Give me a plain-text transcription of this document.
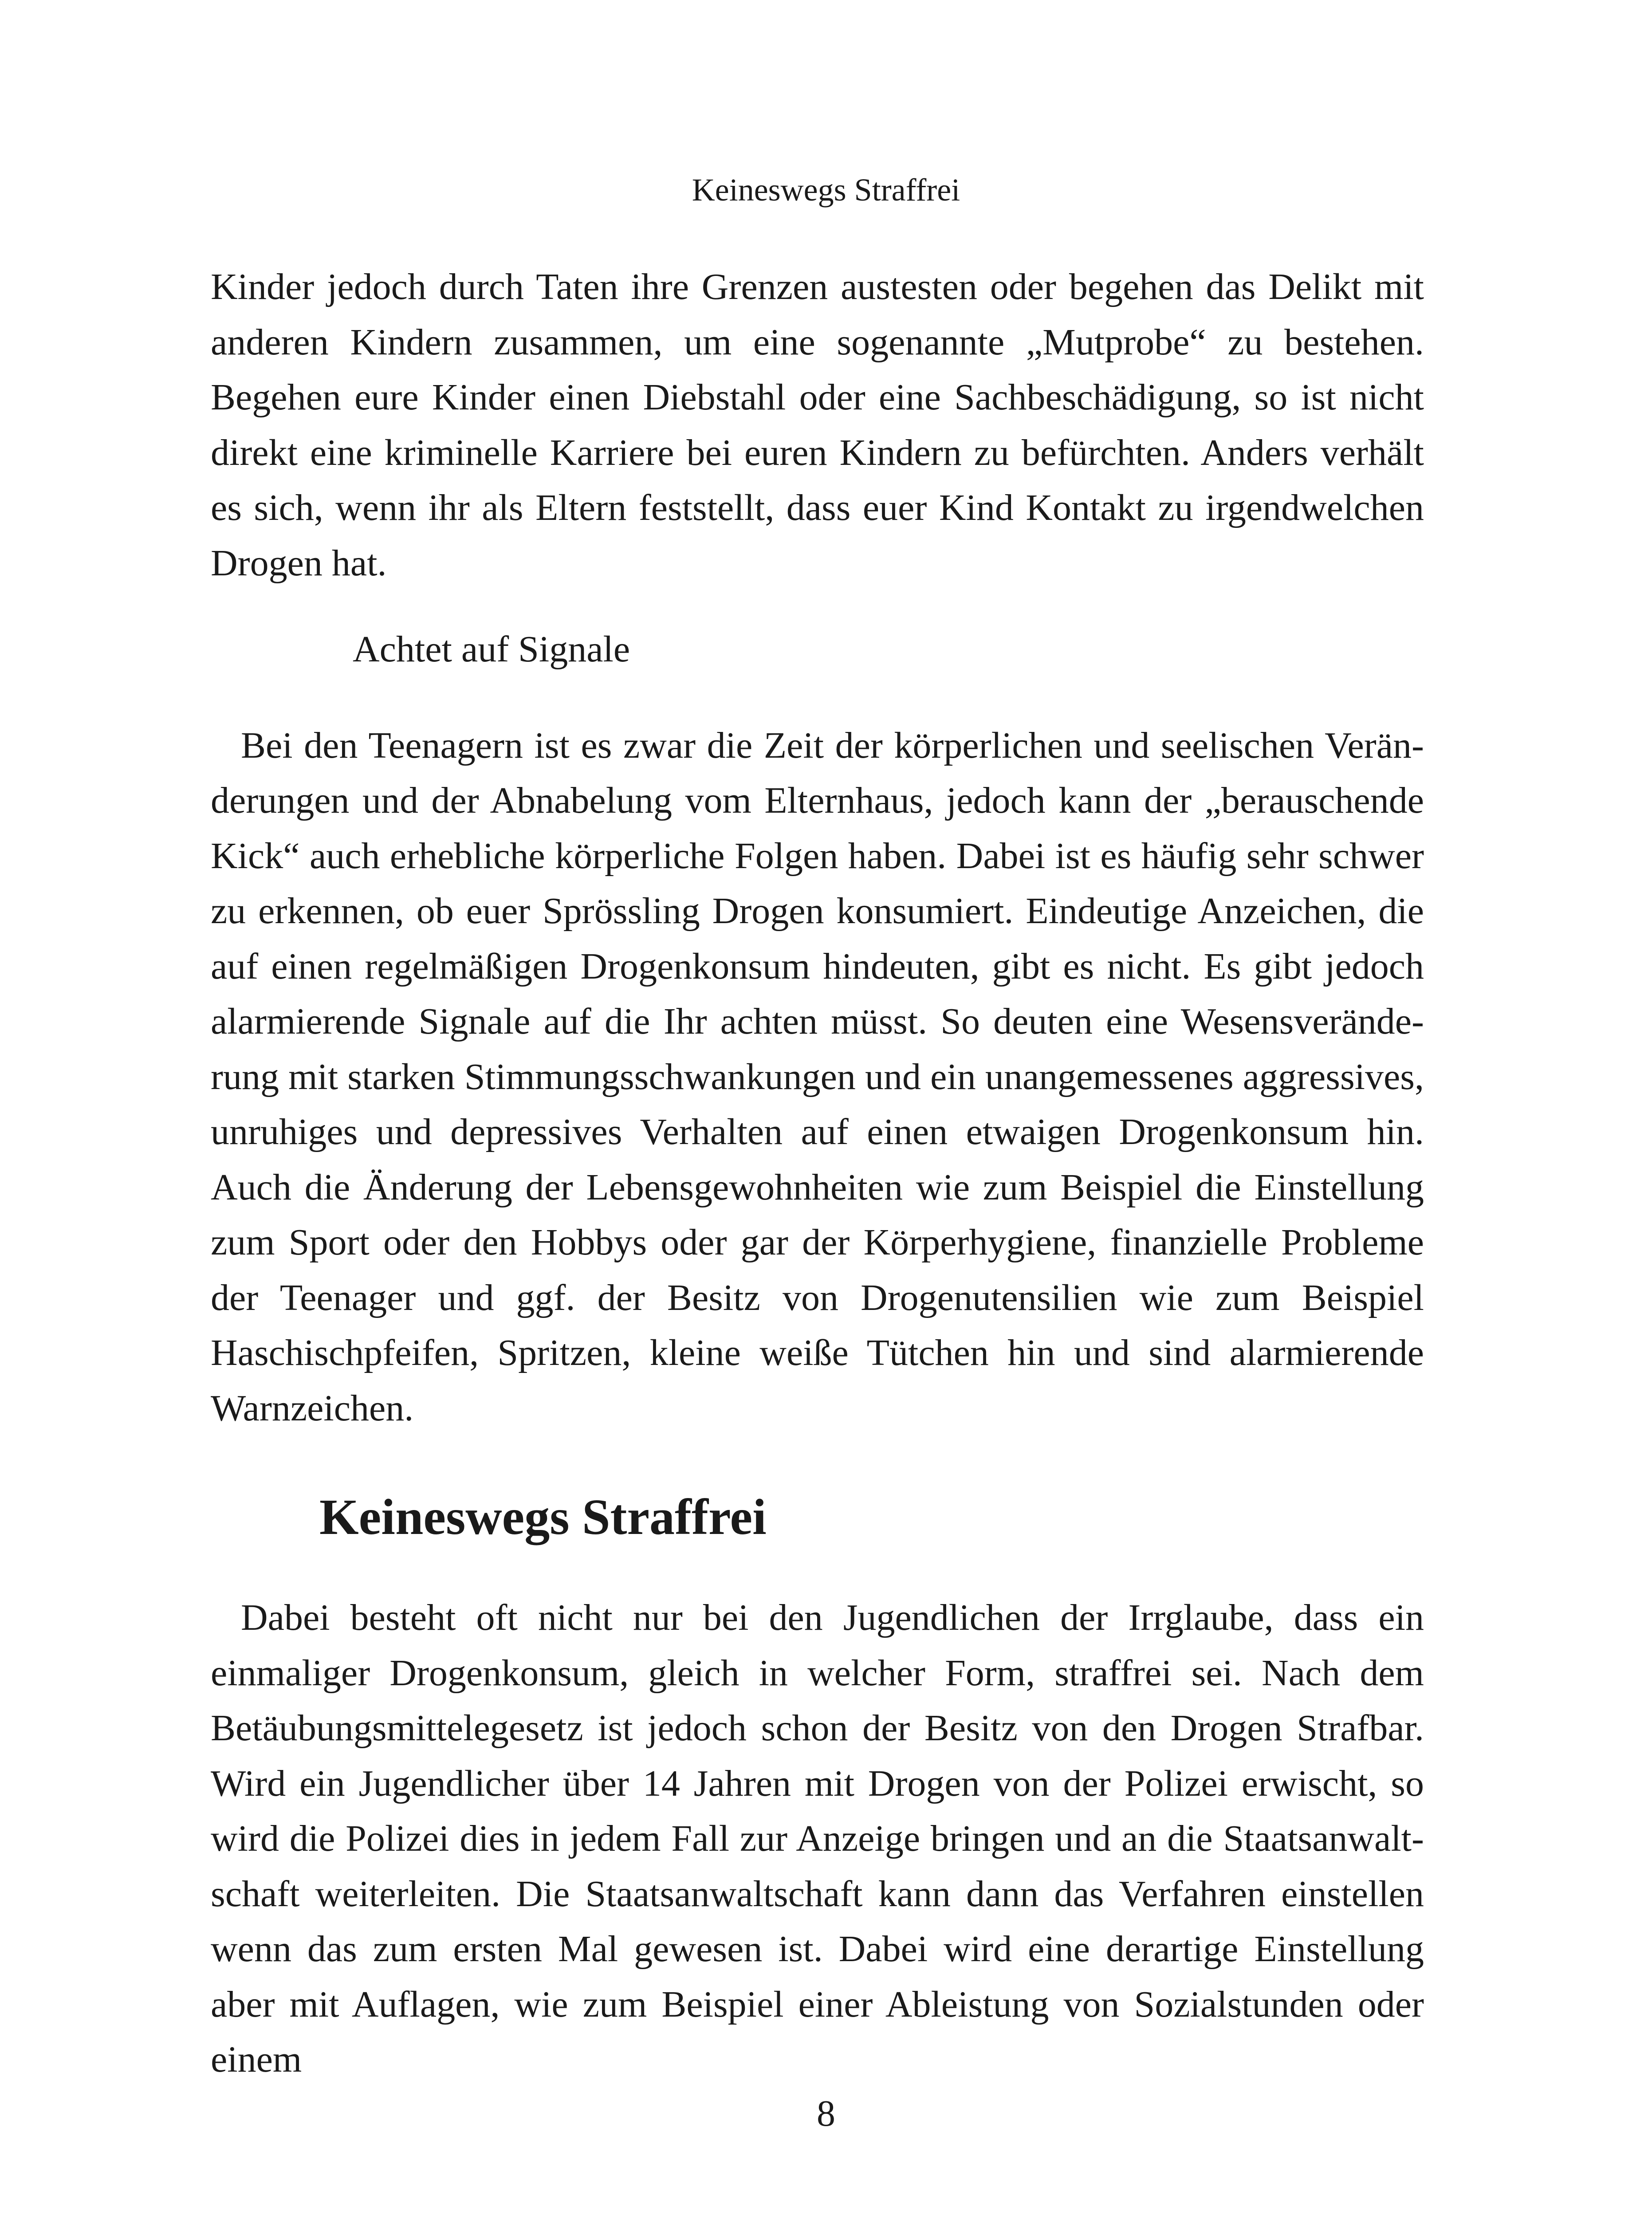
Keineswegs Straffrei

Kinder jedoch durch Taten ihre Grenzen austesten oder begehen das Delikt mit anderen Kindern zusammen, um eine sogenannte „Mutprobe“ zu bestehen. Begehen eure Kinder einen Diebstahl oder eine Sachbeschädigung, so ist nicht direkt eine kriminelle Karriere bei euren Kindern zu befürchten. Anders verhält es sich, wenn ihr als Eltern feststellt, dass euer Kind Kontakt zu irgendwelchen Drogen hat.

Achtet auf Signale

Bei den Teenagern ist es zwar die Zeit der körperlichen und seelischen Veränderungen und der Abnabelung vom Elternhaus, jedoch kann der „berauschende Kick“ auch erhebliche körperliche Folgen haben. Dabei ist es häufig sehr schwer zu erkennen, ob euer Sprössling Drogen konsumiert. Eindeutige Anzeichen, die auf einen regelmäßigen Drogenkonsum hindeuten, gibt es nicht. Es gibt jedoch alarmierende Signale auf die Ihr achten müsst. So deuten eine Wesensveränderung mit starken Stimmungsschwankungen und ein unangemessenes aggressives, unruhiges und depressives Verhalten auf einen etwaigen Drogenkonsum hin. Auch die Änderung der Lebensgewohnheiten wie zum Beispiel die Einstellung zum Sport oder den Hobbys oder gar der Körperhygiene, finanzielle Probleme der Teenager und ggf. der Besitz von Drogenutensilien wie zum Beispiel Haschischpfeifen, Spritzen, kleine weiße Tütchen hin und sind alarmierende Warnzeichen.

Keineswegs Straffrei

Dabei besteht oft nicht nur bei den Jugendlichen der Irrglaube, dass ein einmaliger Drogenkonsum, gleich in welcher Form, straffrei sei. Nach dem Betäubungsmittelegesetz ist jedoch schon der Besitz von den Drogen Strafbar. Wird ein Jugendlicher über 14 Jahren mit Drogen von der Polizei erwischt, so wird die Polizei dies in jedem Fall zur Anzeige bringen und an die Staatsanwaltschaft weiterleiten. Die Staatsanwaltschaft kann dann das Verfahren einstellen wenn das zum ersten Mal gewesen ist. Dabei wird eine derartige Einstellung aber mit Auflagen, wie zum Beispiel einer Ableistung von Sozialstunden oder einem

8
